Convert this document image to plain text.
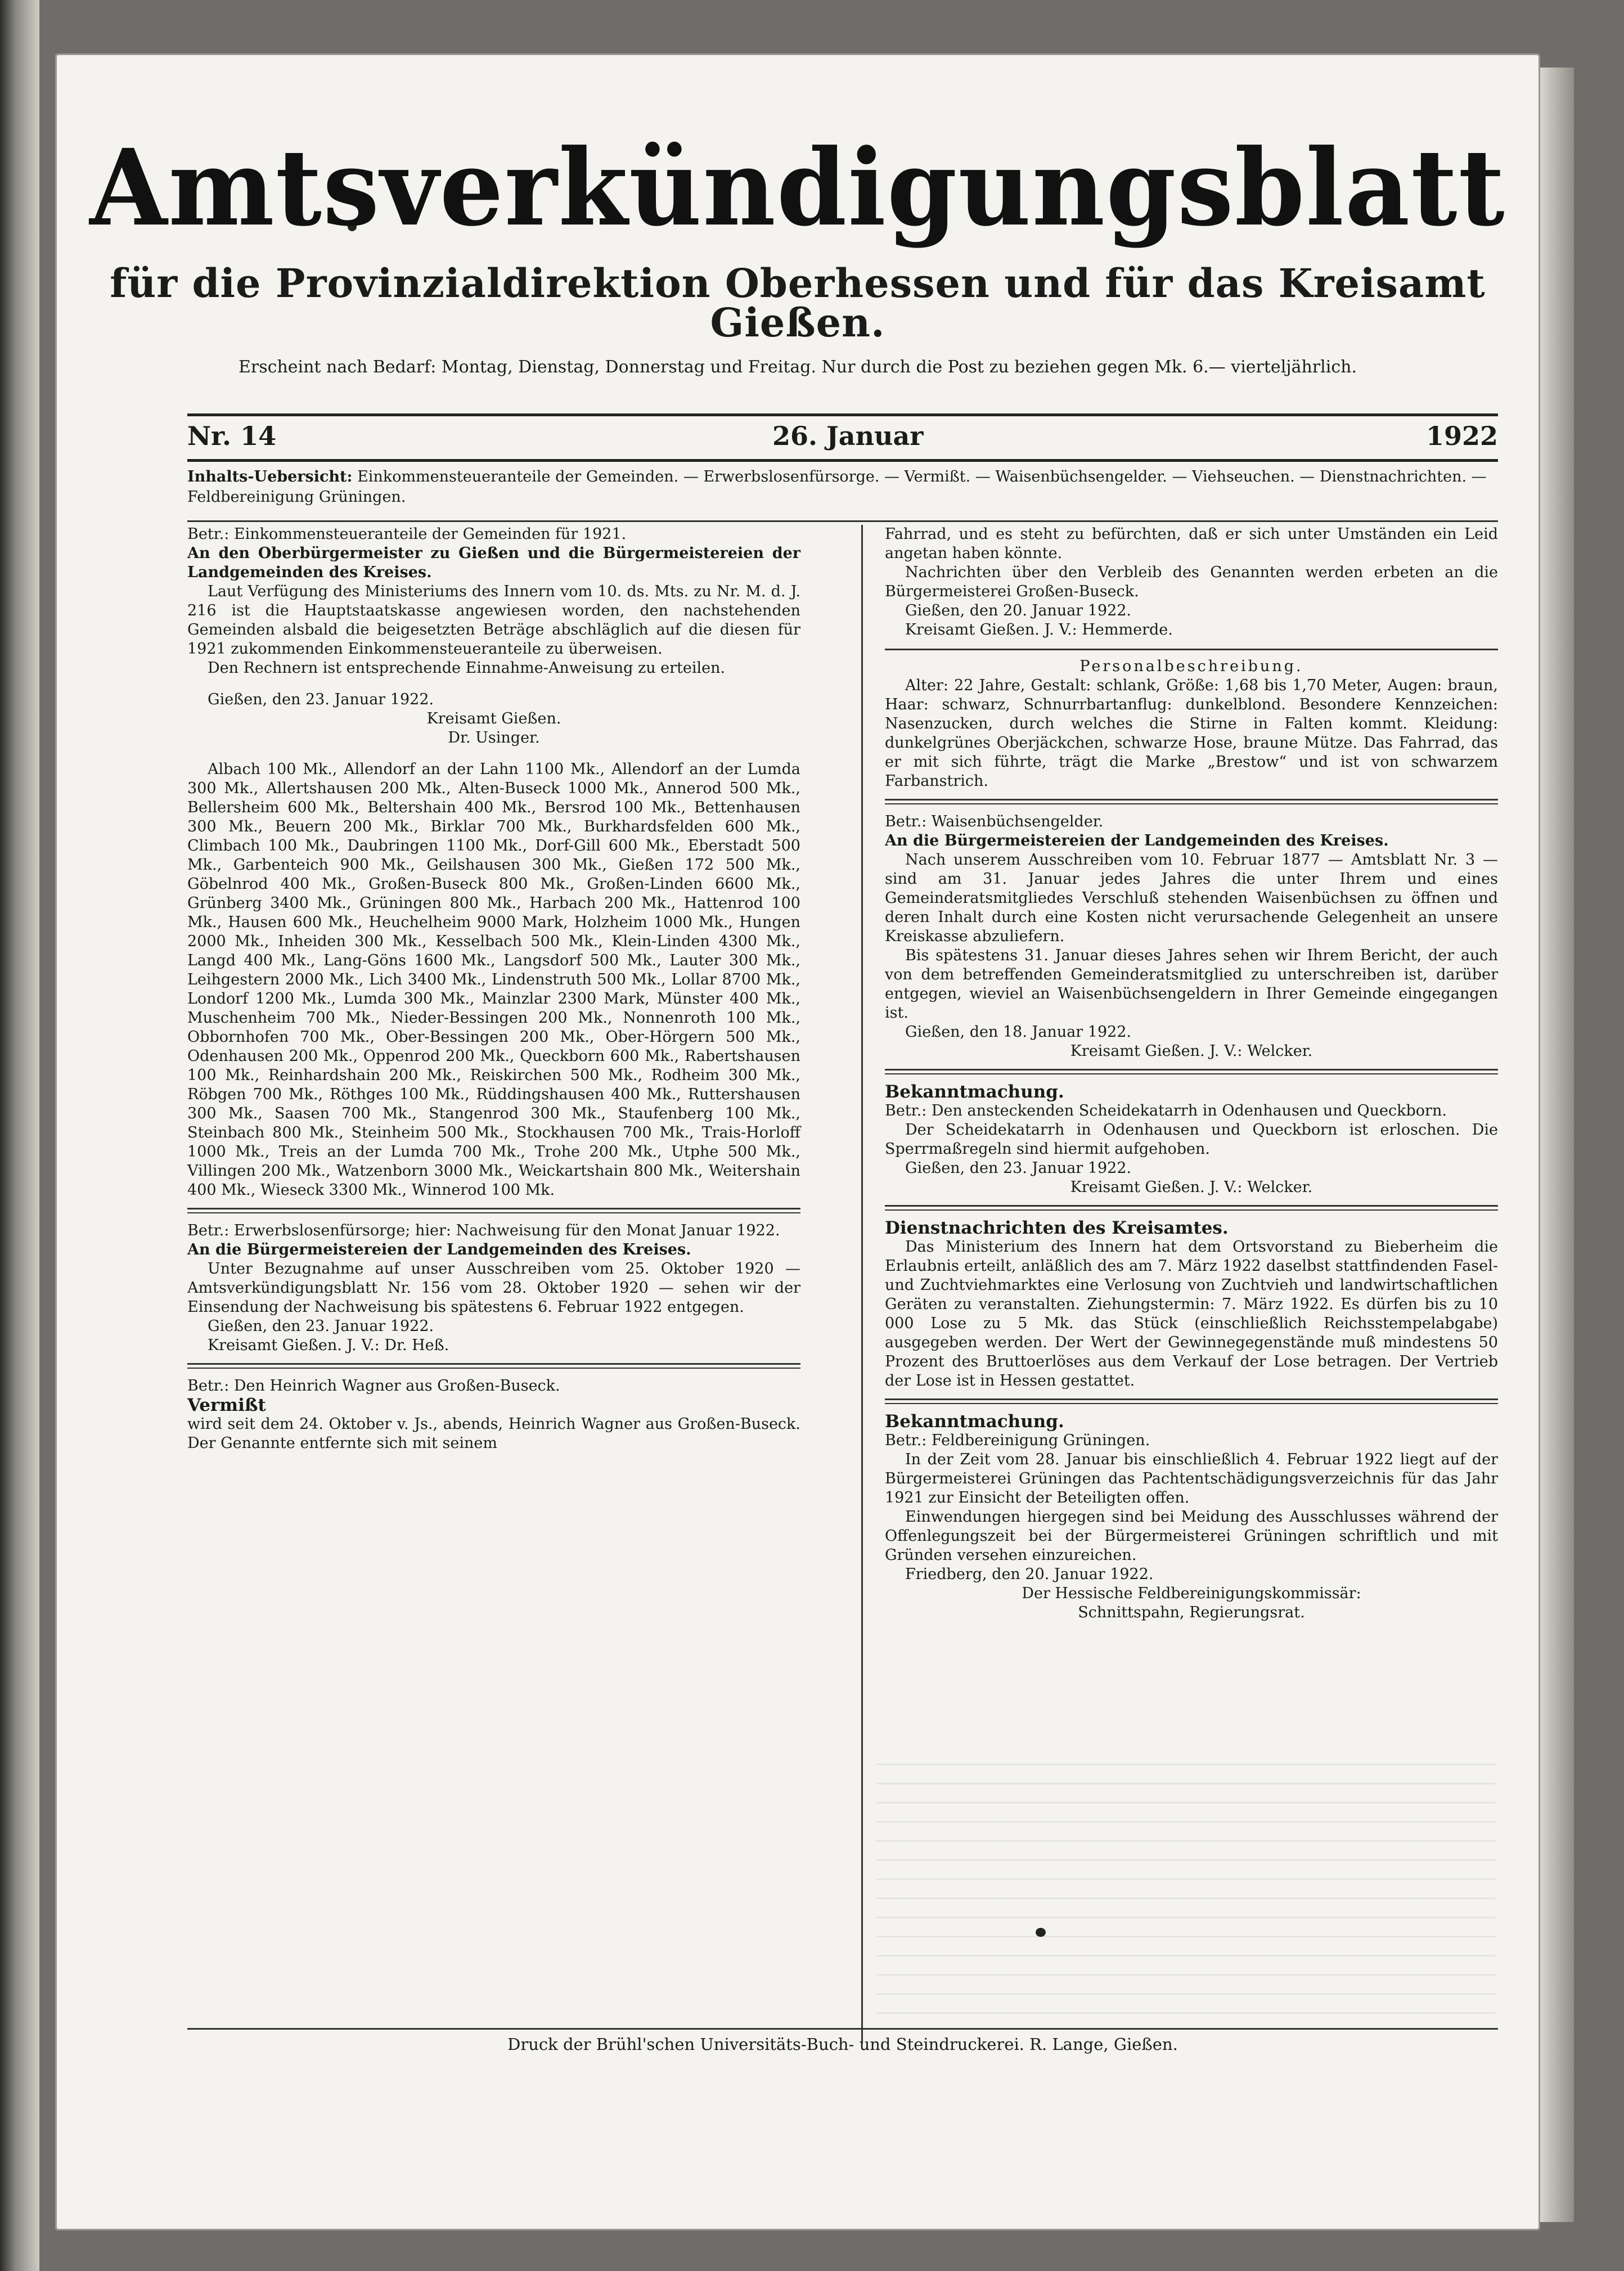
Amtsverkündigungsblatt
für die Provinzialdirektion Oberhessen und für das Kreisamt Gießen.
Erscheint nach Bedarf: Montag, Dienstag, Donnerstag und Freitag. Nur durch die Post zu beziehen gegen Mk. 6.— vierteljährlich.
Nr. 14	26. Januar	1922
Inhalts-Uebersicht: Einkommensteueranteile der Gemeinden. — Erwerbslosenfürsorge. — Vermißt. — Waisenbüchsengelder. — Viehseuchen. — Dienstnachrichten. — Feldbereinigung Grüningen.

Betr.: Einkommensteueranteile der Gemeinden für 1921.

An den Oberbürgermeister zu Gießen und die Bürgermeistereien der Landgemeinden des Kreises.

Laut Verfügung des Ministeriums des Innern vom 10. ds. Mts. zu Nr. M. d. J. 216 ist die Hauptstaatskasse angewiesen worden, den nachstehenden Gemeinden alsbald die beigesetzten Beträge abschläglich auf die diesen für 1921 zukommenden Einkommensteueranteile zu überweisen.

Den Rechnern ist entsprechende Einnahme-Anweisung zu erteilen.

Gießen, den 23. Januar 1922.

Kreisamt Gießen.

Dr. Usinger.

Albach 100 Mk., Allendorf an der Lahn 1100 Mk., Allendorf an der Lumda 300 Mk., Allertshausen 200 Mk., Alten-Buseck 1000 Mk., Annerod 500 Mk., Bellersheim 600 Mk., Beltershain 400 Mk., Bersrod 100 Mk., Bettenhausen 300 Mk., Beuern 200 Mk., Birklar 700 Mk., Burkhardsfelden 600 Mk., Climbach 100 Mk., Daubringen 1100 Mk., Dorf-Gill 600 Mk., Eberstadt 500 Mk., Garbenteich 900 Mk., Geilshausen 300 Mk., Gießen 172 500 Mk., Göbelnrod 400 Mk., Großen-Buseck 800 Mk., Großen-Linden 6600 Mk., Grünberg 3400 Mk., Grüningen 800 Mk., Harbach 200 Mk., Hattenrod 100 Mk., Hausen 600 Mk., Heuchelheim 9000 Mark, Holzheim 1000 Mk., Hungen 2000 Mk., Inheiden 300 Mk., Kesselbach 500 Mk., Klein-Linden 4300 Mk., Langd 400 Mk., Lang-Göns 1600 Mk., Langsdorf 500 Mk., Lauter 300 Mk., Leihgestern 2000 Mk., Lich 3400 Mk., Lindenstruth 500 Mk., Lollar 8700 Mk., Londorf 1200 Mk., Lumda 300 Mk., Mainzlar 2300 Mark, Münster 400 Mk., Muschenheim 700 Mk., Nieder-Bessingen 200 Mk., Nonnenroth 100 Mk., Obbornhofen 700 Mk., Ober-Bessingen 200 Mk., Ober-Hörgern 500 Mk., Odenhausen 200 Mk., Oppenrod 200 Mk., Queckborn 600 Mk., Rabertshausen 100 Mk., Reinhardshain 200 Mk., Reiskirchen 500 Mk., Rodheim 300 Mk., Röbgen 700 Mk., Röthges 100 Mk., Rüddingshausen 400 Mk., Ruttershausen 300 Mk., Saasen 700 Mk., Stangenrod 300 Mk., Staufenberg 100 Mk., Steinbach 800 Mk., Steinheim 500 Mk., Stockhausen 700 Mk., Trais-Horloff 1000 Mk., Treis an der Lumda 700 Mk., Trohe 200 Mk., Utphe 500 Mk., Villingen 200 Mk., Watzenborn 3000 Mk., Weickartshain 800 Mk., Weitershain 400 Mk., Wieseck 3300 Mk., Winnerod 100 Mk.

Betr.: Erwerbslosenfürsorge; hier: Nachweisung für den Monat Januar 1922.

An die Bürgermeistereien der Landgemeinden des Kreises.

Unter Bezugnahme auf unser Ausschreiben vom 25. Oktober 1920 — Amtsverkündigungsblatt Nr. 156 vom 28. Oktober 1920 — sehen wir der Einsendung der Nachweisung bis spätestens 6. Februar 1922 entgegen.

Gießen, den 23. Januar 1922.

Kreisamt Gießen. J. V.: Dr. Heß.

Betr.: Den Heinrich Wagner aus Großen-Buseck.

Vermißt

wird seit dem 24. Oktober v. Js., abends, Heinrich Wagner aus Großen-Buseck. Der Genannte entfernte sich mit seinem

Fahrrad, und es steht zu befürchten, daß er sich unter Umständen ein Leid angetan haben könnte.

Nachrichten über den Verbleib des Genannten werden erbeten an die Bürgermeisterei Großen-Buseck.

Gießen, den 20. Januar 1922.

Kreisamt Gießen. J. V.: Hemmerde.

Personalbeschreibung.

Alter: 22 Jahre, Gestalt: schlank, Größe: 1,68 bis 1,70 Meter, Augen: braun, Haar: schwarz, Schnurrbartanflug: dunkelblond. Besondere Kennzeichen: Nasenzucken, durch welches die Stirne in Falten kommt. Kleidung: dunkelgrünes Oberjäckchen, schwarze Hose, braune Mütze. Das Fahrrad, das er mit sich führte, trägt die Marke „Brestow“ und ist von schwarzem Farbanstrich.

Betr.: Waisenbüchsengelder.

An die Bürgermeistereien der Landgemeinden des Kreises.

Nach unserem Ausschreiben vom 10. Februar 1877 — Amtsblatt Nr. 3 — sind am 31. Januar jedes Jahres die unter Ihrem und eines Gemeinderatsmitgliedes Verschluß stehenden Waisenbüchsen zu öffnen und deren Inhalt durch eine Kosten nicht verursachende Gelegenheit an unsere Kreiskasse abzuliefern.

Bis spätestens 31. Januar dieses Jahres sehen wir Ihrem Bericht, der auch von dem betreffenden Gemeinderatsmitglied zu unterschreiben ist, darüber entgegen, wieviel an Waisenbüchsengeldern in Ihrer Gemeinde eingegangen ist.

Gießen, den 18. Januar 1922.

Kreisamt Gießen. J. V.: Welcker.

Bekanntmachung.

Betr.: Den ansteckenden Scheidekatarrh in Odenhausen und Queckborn.

Der Scheidekatarrh in Odenhausen und Queckborn ist erloschen. Die Sperrmaßregeln sind hiermit aufgehoben.

Gießen, den 23. Januar 1922.

Kreisamt Gießen. J. V.: Welcker.

Dienstnachrichten des Kreisamtes.

Das Ministerium des Innern hat dem Ortsvorstand zu Bieberheim die Erlaubnis erteilt, anläßlich des am 7. März 1922 daselbst stattfindenden Fasel- und Zuchtviehmarktes eine Verlosung von Zuchtvieh und landwirtschaftlichen Geräten zu veranstalten. Ziehungstermin: 7. März 1922. Es dürfen bis zu 10 000 Lose zu 5 Mk. das Stück (einschließlich Reichsstempelabgabe) ausgegeben werden. Der Wert der Gewinnegegenstände muß mindestens 50 Prozent des Bruttoerlöses aus dem Verkauf der Lose betragen. Der Vertrieb der Lose ist in Hessen gestattet.

Bekanntmachung.

Betr.: Feldbereinigung Grüningen.

In der Zeit vom 28. Januar bis einschließlich 4. Februar 1922 liegt auf der Bürgermeisterei Grüningen das Pachtentschädigungsverzeichnis für das Jahr 1921 zur Einsicht der Beteiligten offen.

Einwendungen hiergegen sind bei Meidung des Ausschlusses während der Offenlegungszeit bei der Bürgermeisterei Grüningen schriftlich und mit Gründen versehen einzureichen.

Friedberg, den 20. Januar 1922.

Der Hessische Feldbereinigungskommissär:

Schnittspahn, Regierungsrat.

Druck der Brühl'schen Universitäts-Buch- und Steindruckerei. R. Lange, Gießen.
